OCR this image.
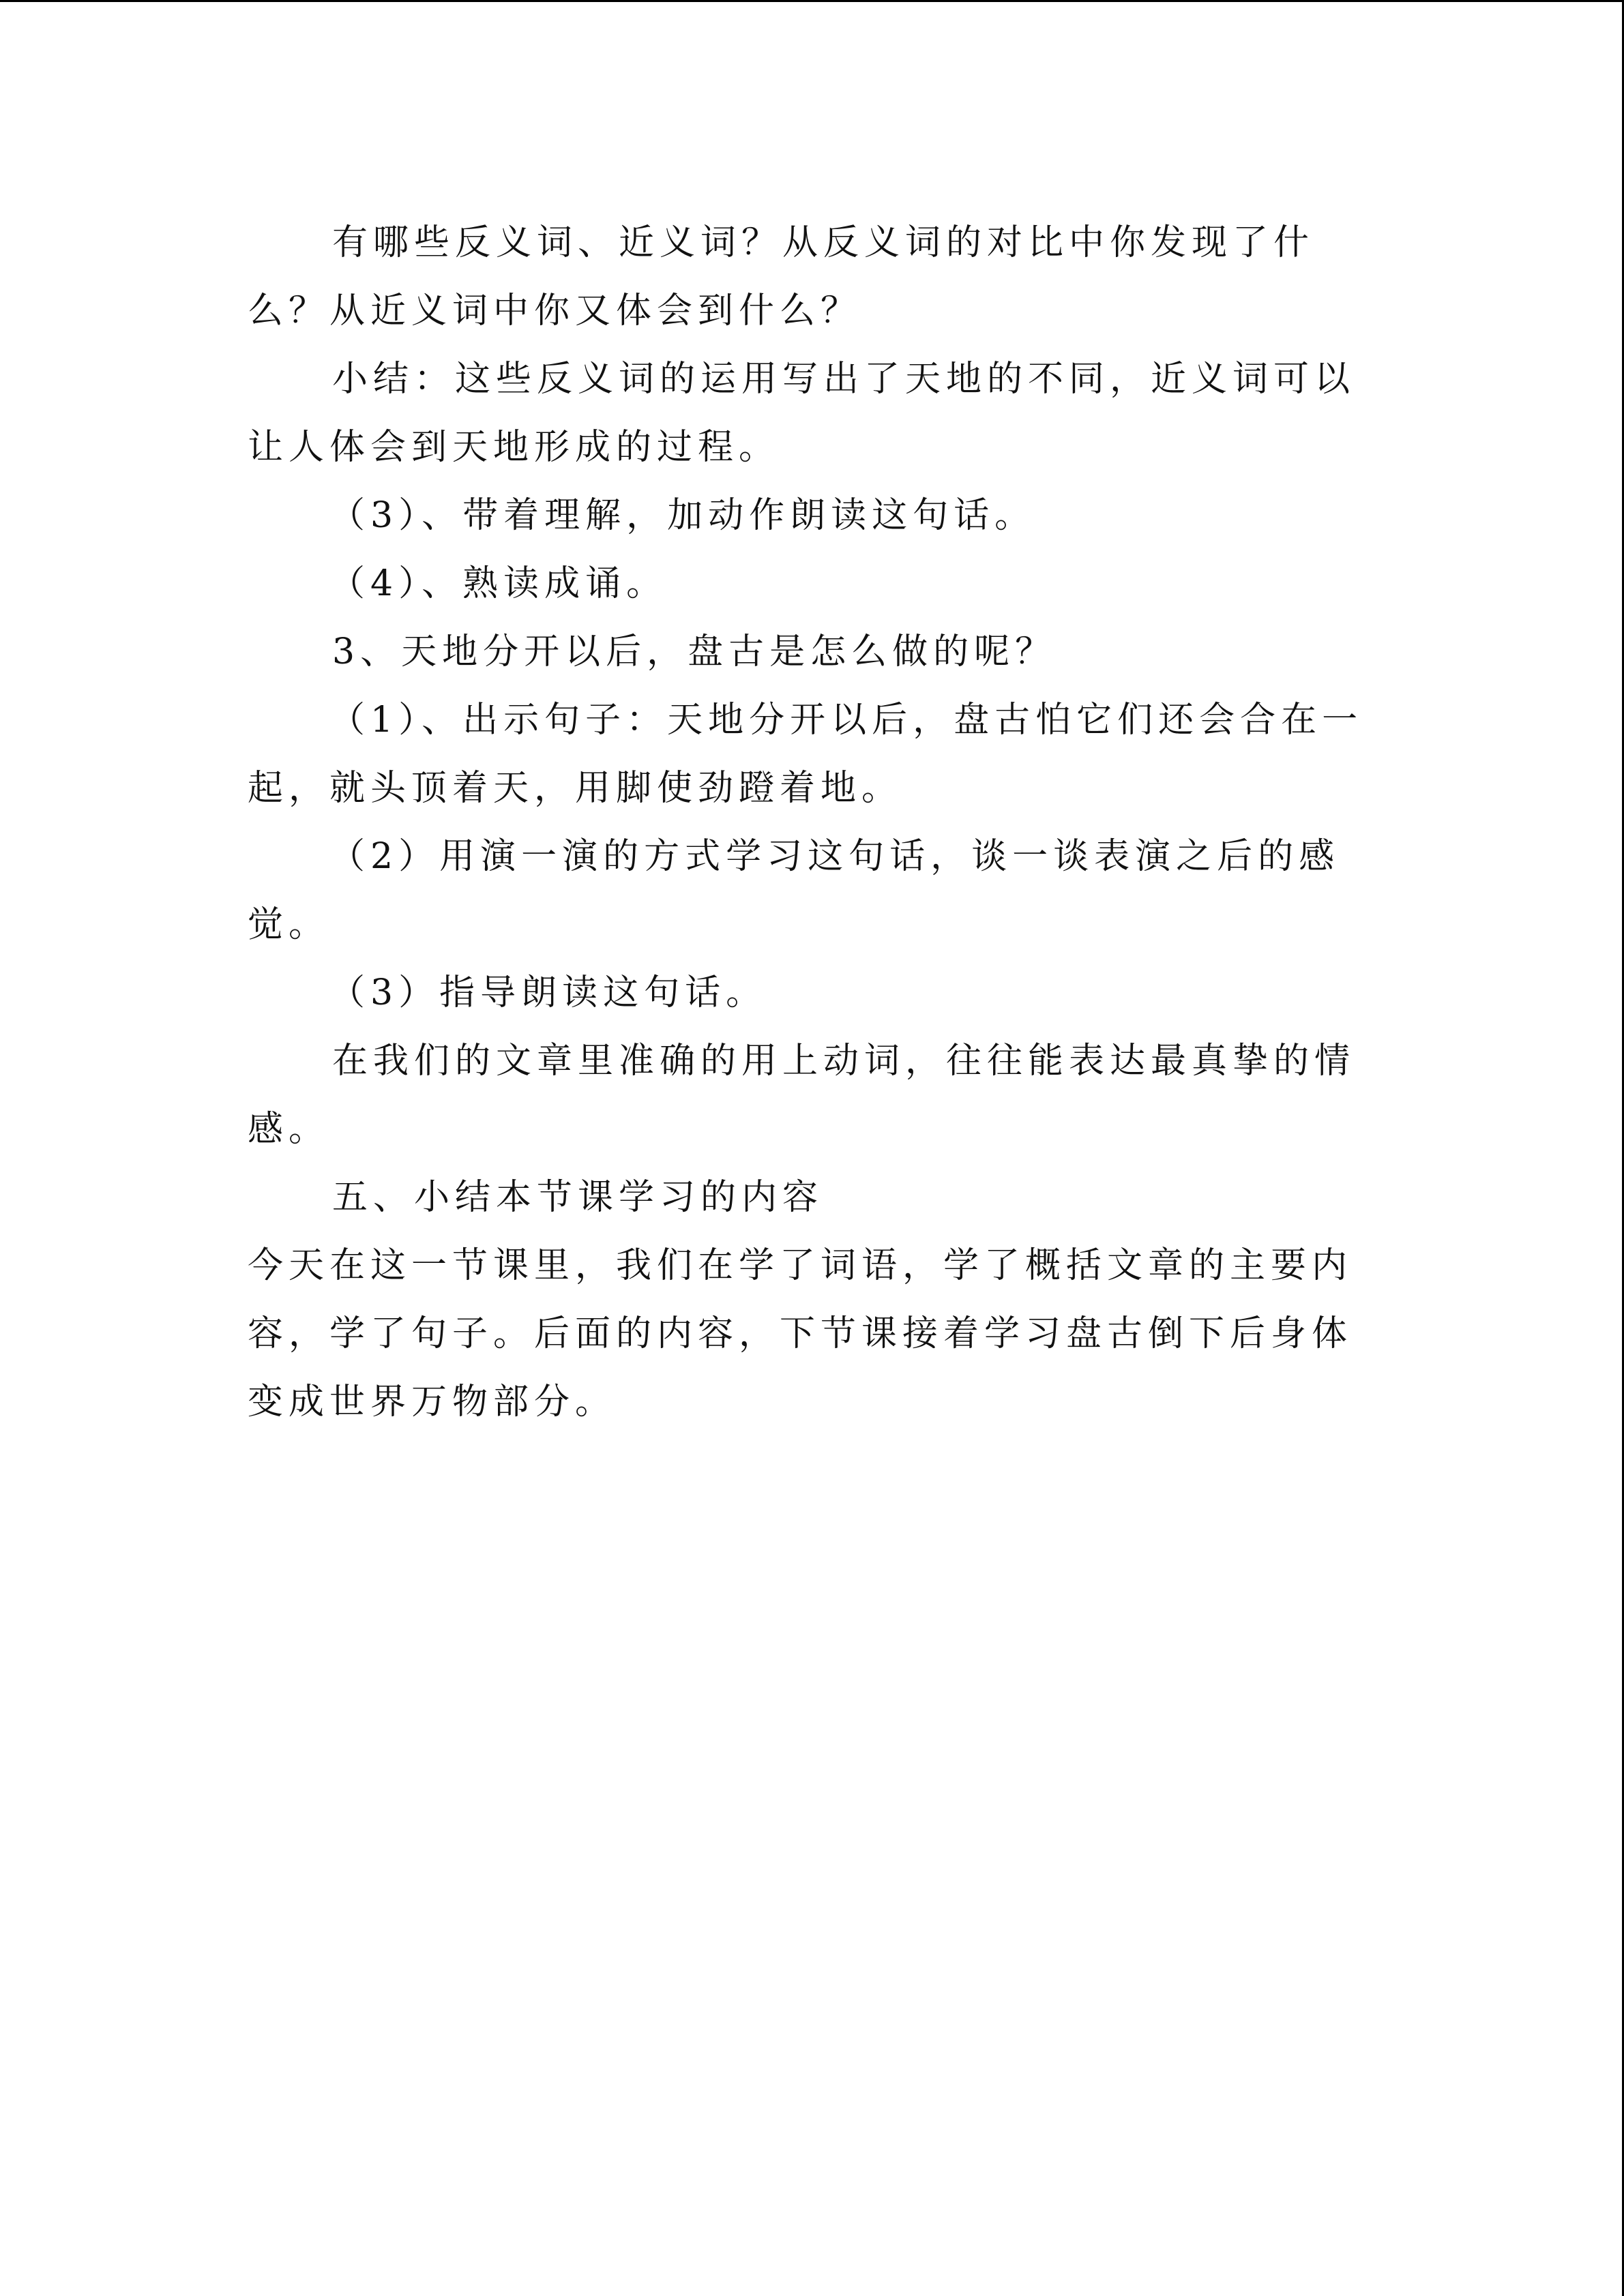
有哪些反义词、近义词？从反义词的对比中你发现了什么？从近义词中你又体会到什么？

小结：这些反义词的运用写出了天地的不同，近义词可以让人体会到天地形成的过程。

（3）、带着理解，加动作朗读这句话。

（4）、熟读成诵。

3、天地分开以后，盘古是怎么做的呢？

（1）、出示句子：天地分开以后，盘古怕它们还会合在一起，就头顶着天，用脚使劲蹬着地。

（2）用演一演的方式学习这句话，谈一谈表演之后的感觉。

（3）指导朗读这句话。

在我们的文章里准确的用上动词，往往能表达最真挚的情感。

五、小结本节课学习的内容

今天在这一节课里，我们在学了词语，学了概括文章的主要内容，学了句子。后面的内容，下节课接着学习盘古倒下后身体变成世界万物部分。
